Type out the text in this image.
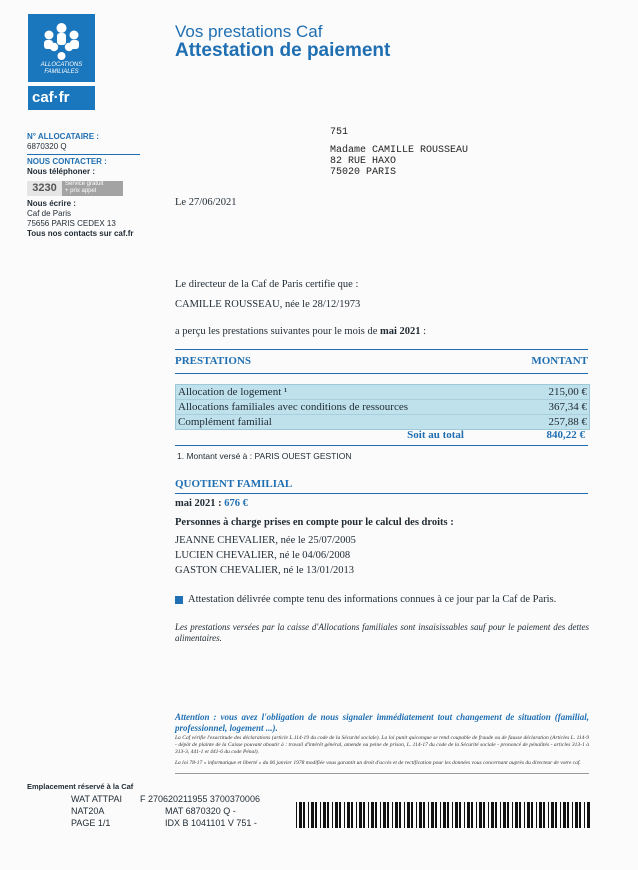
ALLOCATIONS
FAMILIALES
caf·fr
Vos prestations Caf
Attestation de paiement
N° ALLOCATAIRE :
6870320 Q
NOUS CONTACTER :
Nous téléphoner :
3230	Service gratuit
+ prix appel
Nous écrire :
Caf de Paris
75656 PARIS CEDEX 13
Tous nos contacts sur caf.fr
751
Madame CAMILLE ROUSSEAU
82 RUE HAXO
75020 PARIS
Le 27/06/2021
Le directeur de la Caf de Paris certifie que :
CAMILLE ROUSSEAU, née le 28/12/1973
a perçu les prestations suivantes pour le mois de mai 2021 :
PRESTATIONS	MONTANT
Allocation de logement ¹	215,00 €
Allocations familiales avec conditions de ressources	367,34 €
Complément familial	257,88 €
Soit au total	840,22 €
1. Montant versé à : PARIS OUEST GESTION
QUOTIENT FAMILIAL
mai 2021 : 676 €
Personnes à charge prises en compte pour le calcul des droits :
JEANNE CHEVALIER, née le 25/07/2005
LUCIEN CHEVALIER, né le 04/06/2008
GASTON CHEVALIER, né le 13/01/2013
Attestation délivrée compte tenu des informations connues à ce jour par la Caf de Paris.
Les prestations versées par la caisse d'Allocations familiales sont insaisissables sauf pour le paiement des dettes alimentaires.
Attention : vous avez l'obligation de nous signaler immédiatement tout changement de situation (familial, professionnel, logement ...).
La Caf vérifie l'exactitude des déclarations (article L.114-19 du code de la Sécurité sociale). La loi punit quiconque se rend coupable de fraude ou de fausse déclaration (Articles L. 114-9 - dépôt de plainte de la Caisse pouvant aboutir à : travail d'intérêt général, amende ou peine de prison, L. 114-17 du code de la Sécurité sociale - prononcé de pénalités - articles 313-1 à 313-3, 441-1 et 441-6 du code Pénal).
La loi 78-17 « informatique et liberté » du 06 janvier 1978 modifiée vous garantit un droit d'accès et de rectification pour les données vous concernant auprès du directeur de votre caf.
Emplacement réservé à la Caf
WAT ATTPAI F 270620211955 3700370006
NAT20A	MAT 6870320 Q -
PAGE 1/1	IDX B 1041101 V 751 -
